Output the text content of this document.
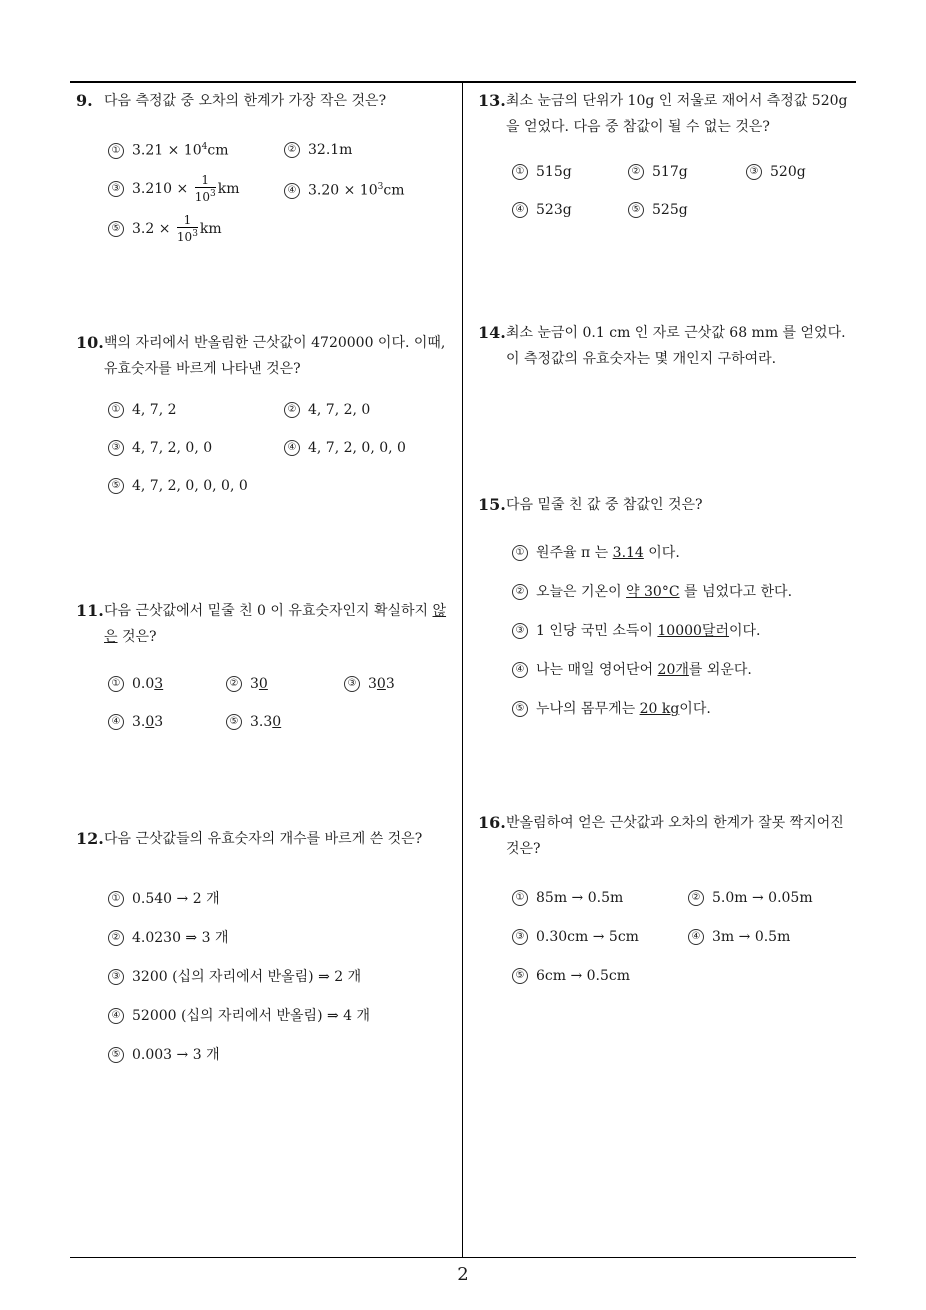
9. 다음 측정값 중 오차의 한계가 가장 작은 것은?
① $3.21 \times 10^4cm$	② 32.1m
③ $3.210 \times \frac{1}{10^3}$ km	④ $3.20 \times 10^3cm$
⑤ $3.2 \times \frac{1}{10^3}$ km
10. 백의 자리에서 반올림한 근삿값이 4720000 이다. 이때, 유효숫자를 바르게 나타낸 것은?
① 4, 7, 2	② 4, 7, 2, 0
③ 4, 7, 2, 0, 0	④ 4, 7, 2, 0, 0, 0
⑤ 4, 7, 2, 0, 0, 0, 0
11. 다음 근삿값에서 밑줄 친 0 이 유효숫자인지 확실하지 않은 것은?
① 0.03	② 30	③ 303
④ 3.03	⑤ 3.30
12. 다음 근삿값들의 유효숫자의 개수를 바르게 쓴 것은?
① 0.540 → 2 개
② 4.0230 ⇒ 3 개
③ 3200 (십의 자리에서 반올림) ⇒ 2 개
④ 52000 (십의 자리에서 반올림) ⇒ 4 개
⑤ 0.003 → 3 개
13. 최소 눈금의 단위가 10g 인 저울로 재어서 측정값 520g 을 얻었다. 다음 중 참값이 될 수 없는 것은?
① 515g	② 517g	③ 520g
④ 523g	⑤ 525g
14. 최소 눈금이 0.1 cm 인 자로 근삿값 68 mm 를 얻었다. 이 측정값의 유효숫자는 몇 개인지 구하여라.
15. 다음 밑줄 친 값 중 참값인 것은?
① 원주율 π 는 3.14 이다.
② 오늘은 기온이 약 30°C 를 넘었다고 한다.
③ 1 인당 국민 소득이 10000달러이다.
④ 나는 매일 영어단어 20개를 외운다.
⑤ 누나의 몸무게는 20 kg이다.
16. 반올림하여 얻은 근삿값과 오차의 한계가 잘못 짝지어진 것은?
① 85m → 0.5m	② 5.0m → 0.05m
③ 0.30cm → 5cm	④ 3m → 0.5m
⑤ 6cm → 0.5cm
2
